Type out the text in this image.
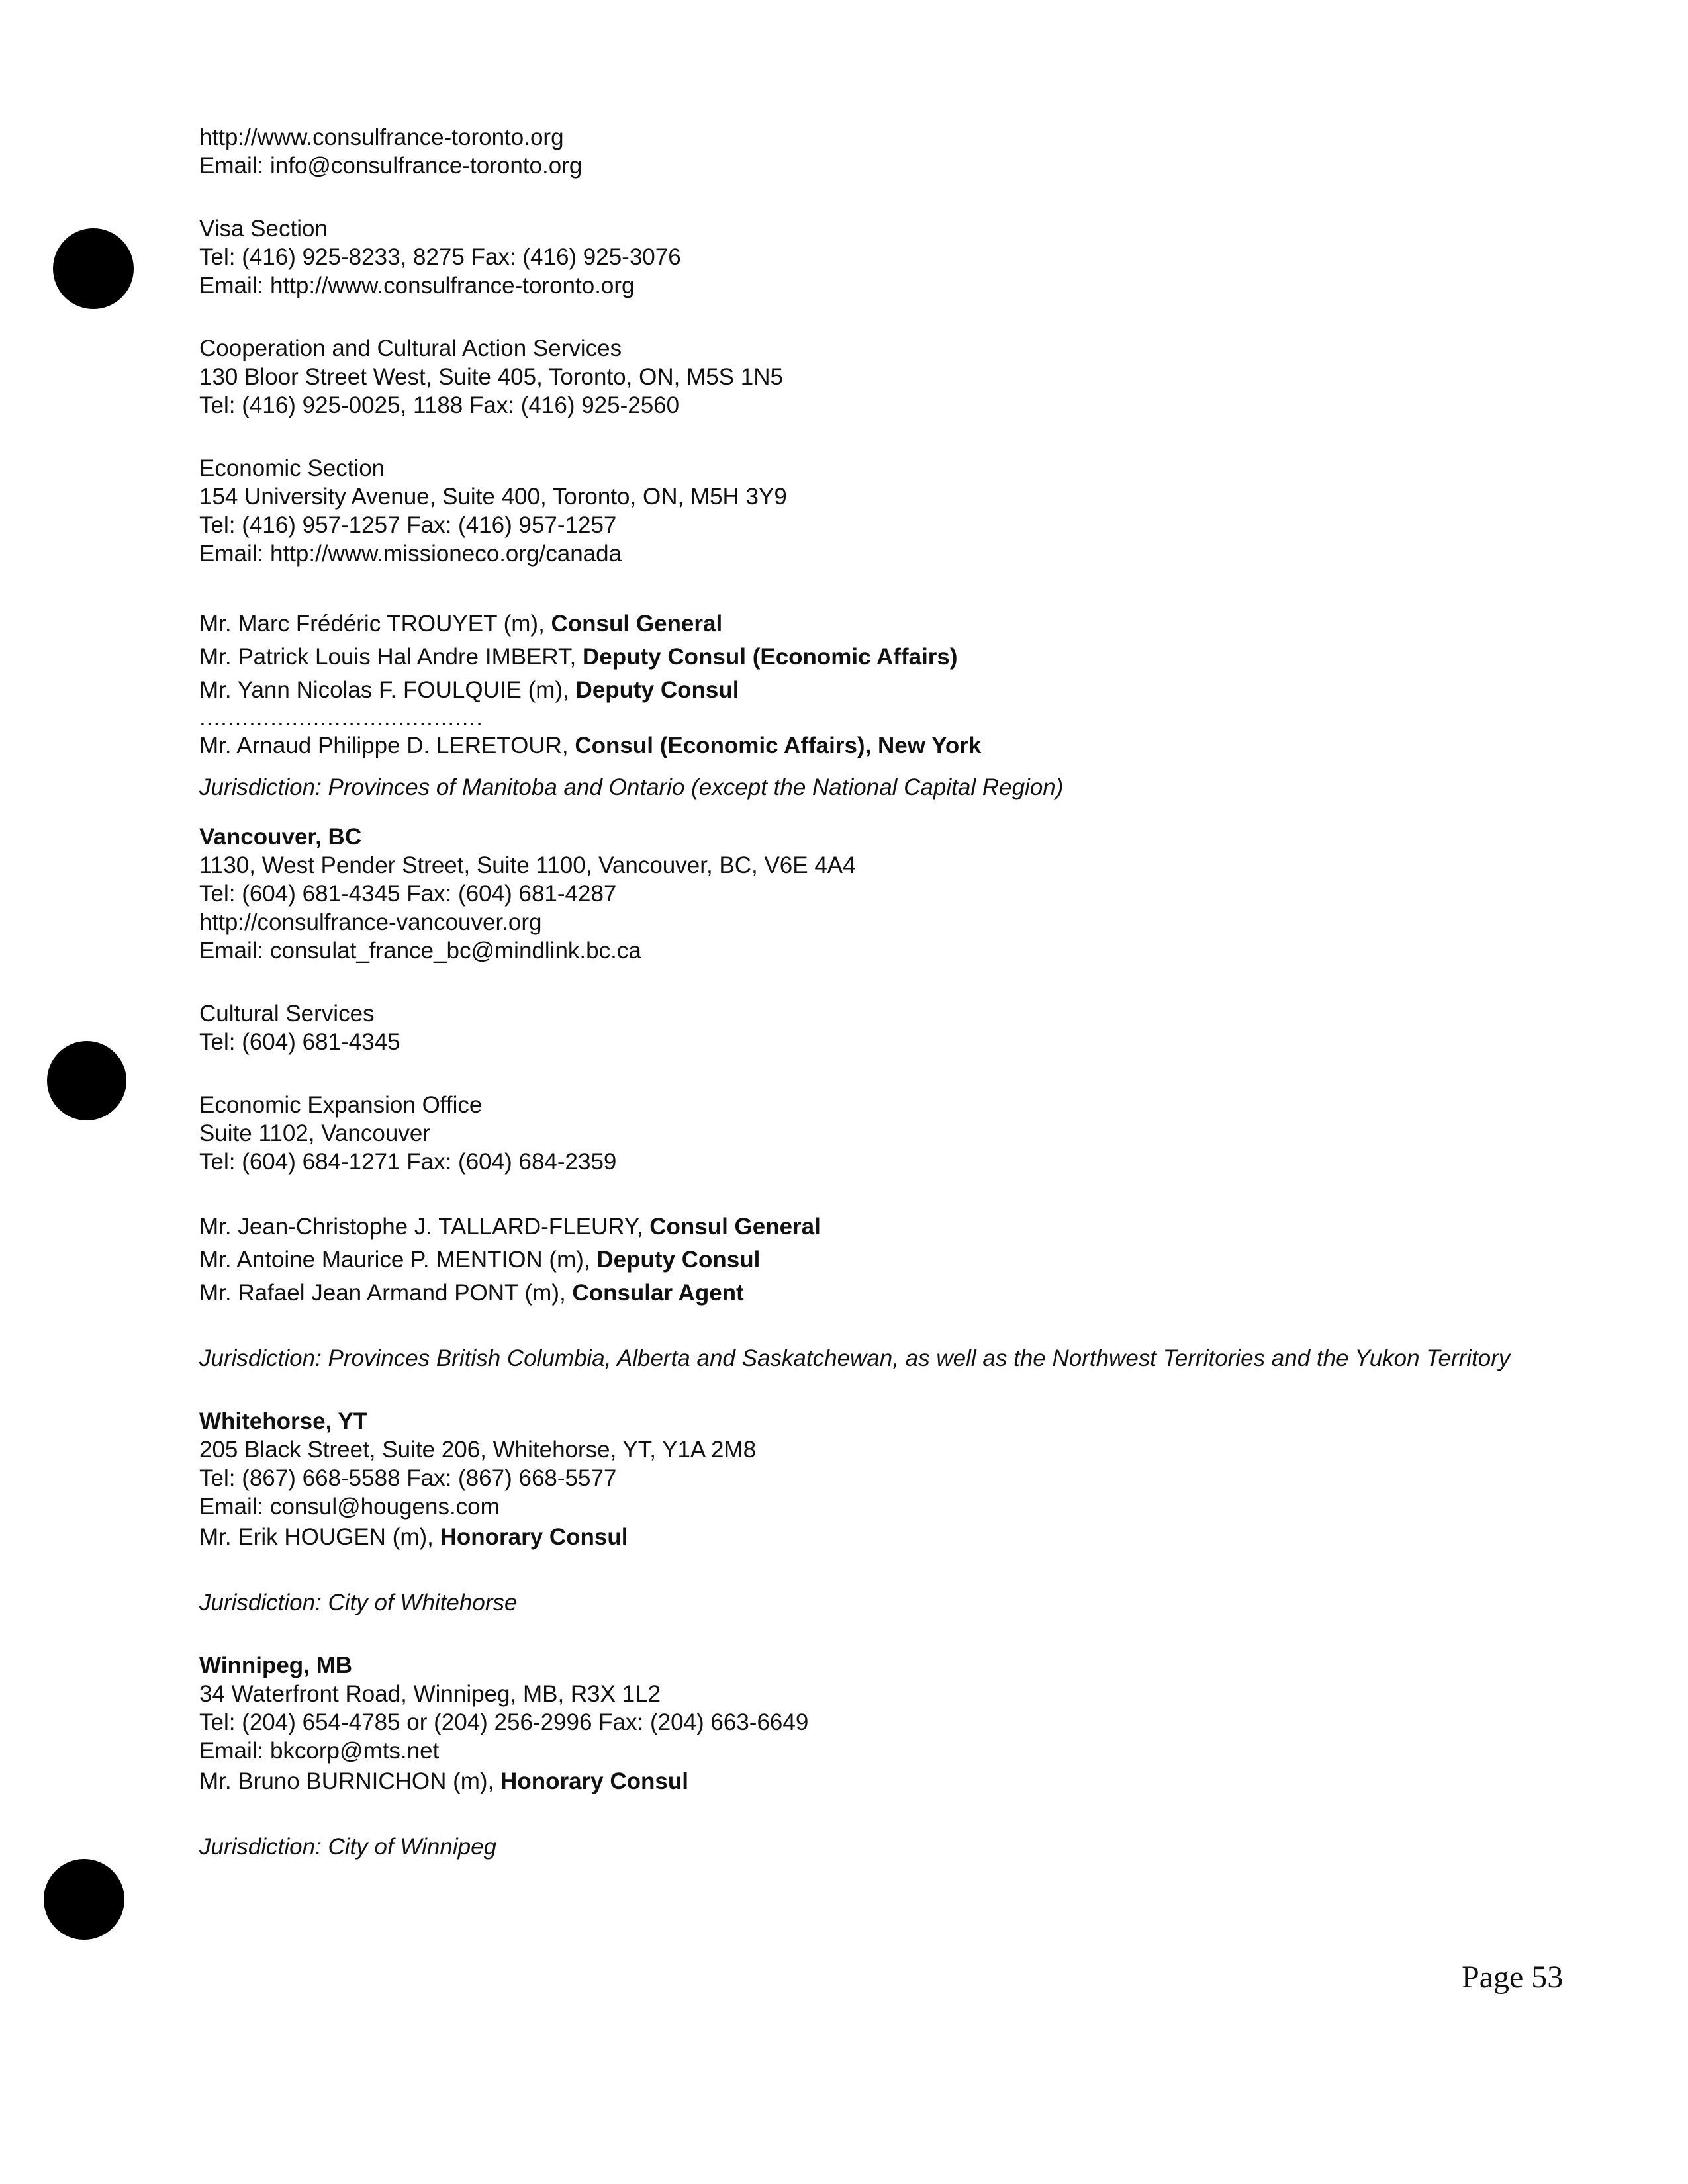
http://www.consulfrance-toronto.org
Email: info@consulfrance-toronto.org
Visa Section
Tel: (416) 925-8233, 8275 Fax: (416) 925-3076
Email: http://www.consulfrance-toronto.org
Cooperation and Cultural Action Services
130 Bloor Street West, Suite 405, Toronto, ON, M5S 1N5
Tel: (416) 925-0025, 1188 Fax: (416) 925-2560
Economic Section
154 University Avenue, Suite 400, Toronto, ON, M5H 3Y9
Tel: (416) 957-1257 Fax: (416) 957-1257
Email: http://www.missioneco.org/canada
Mr. Marc Frédéric TROUYET (m), Consul General
Mr. Patrick Louis Hal Andre IMBERT, Deputy Consul (Economic Affairs)
Mr. Yann Nicolas F. FOULQUIE (m), Deputy Consul
........................................
Mr. Arnaud Philippe D. LERETOUR, Consul (Economic Affairs), New York
Jurisdiction: Provinces of Manitoba and Ontario (except the National Capital Region)
Vancouver, BC
1130, West Pender Street, Suite 1100, Vancouver, BC, V6E 4A4
Tel: (604) 681-4345 Fax: (604) 681-4287
http://consulfrance-vancouver.org
Email: consulat_france_bc@mindlink.bc.ca
Cultural Services
Tel: (604) 681-4345
Economic Expansion Office
Suite 1102, Vancouver
Tel: (604) 684-1271 Fax: (604) 684-2359
Mr. Jean-Christophe J. TALLARD-FLEURY, Consul General
Mr. Antoine Maurice P. MENTION (m), Deputy Consul
Mr. Rafael Jean Armand PONT (m), Consular Agent
Jurisdiction: Provinces British Columbia, Alberta and Saskatchewan, as well as the Northwest Territories and the Yukon Territory
Whitehorse, YT
205 Black Street, Suite 206, Whitehorse, YT, Y1A 2M8
Tel: (867) 668-5588 Fax: (867) 668-5577
Email: consul@hougens.com
Mr. Erik HOUGEN (m), Honorary Consul
Jurisdiction: City of Whitehorse
Winnipeg, MB
34 Waterfront Road, Winnipeg, MB, R3X 1L2
Tel: (204) 654-4785 or (204) 256-2996 Fax: (204) 663-6649
Email: bkcorp@mts.net
Mr. Bruno BURNICHON (m), Honorary Consul
Jurisdiction: City of Winnipeg
Page 53
